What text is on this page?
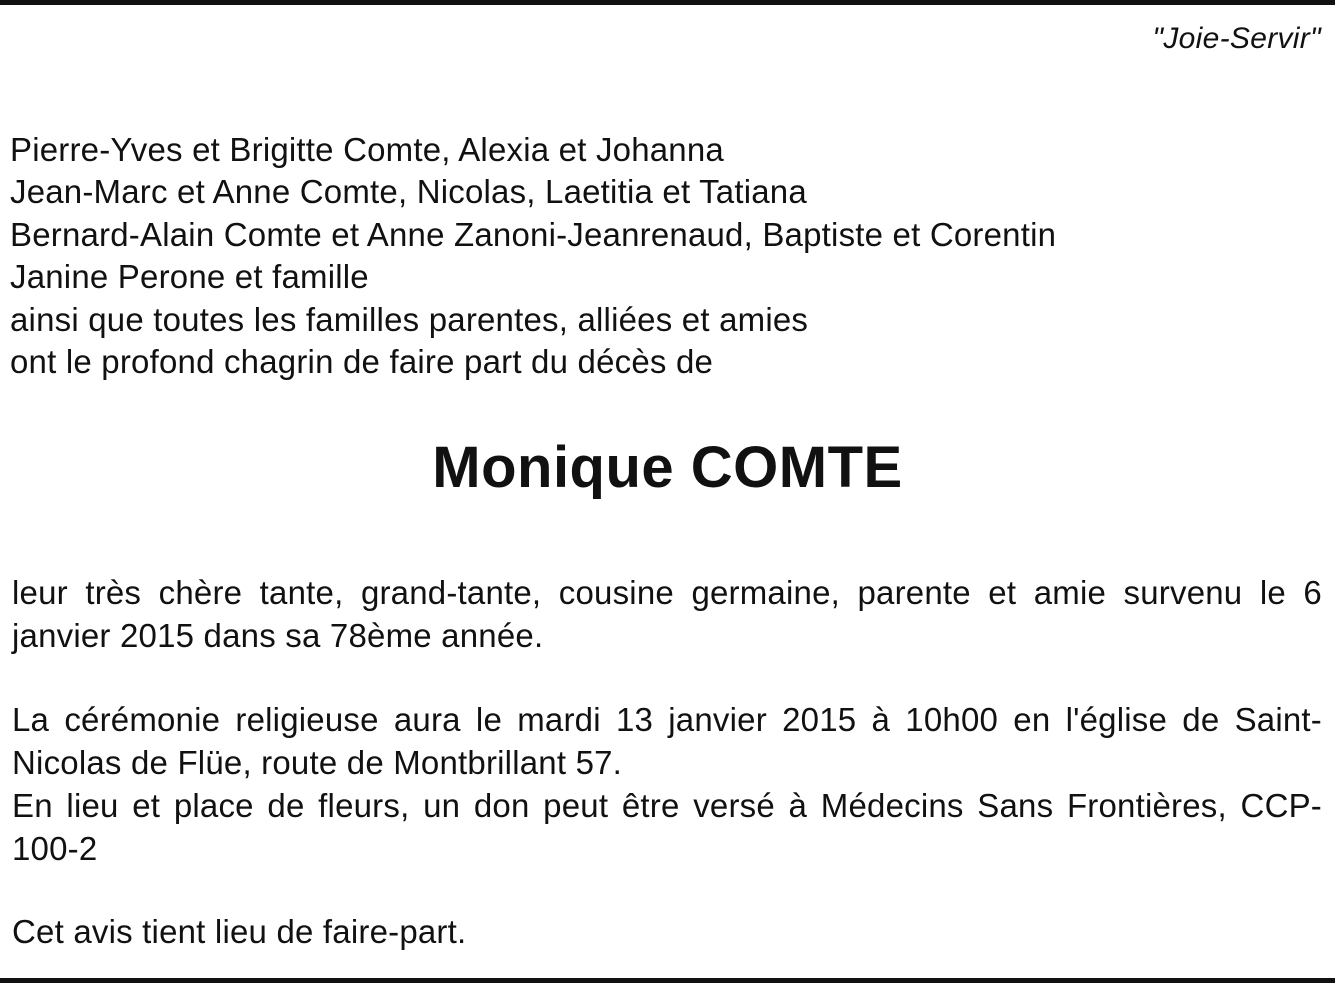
"Joie-Servir"
Pierre-Yves et Brigitte Comte, Alexia et Johanna
Jean-Marc et Anne Comte, Nicolas, Laetitia et Tatiana
Bernard-Alain Comte et Anne Zanoni-Jeanrenaud, Baptiste et Corentin
Janine Perone et famille
ainsi que toutes les familles parentes, alliées et amies
ont le profond chagrin de faire part du décès de
Monique COMTE
leur très chère tante, grand-tante, cousine germaine, parente et amie survenu le 6 janvier 2015 dans sa 78ème année.
La cérémonie religieuse aura le mardi 13 janvier 2015 à 10h00 en l'église de Saint-Nicolas de Flüe, route de Montbrillant 57.
En lieu et place de fleurs, un don peut être versé à Médecins Sans Frontières, CCP-100-2
Cet avis tient lieu de faire-part.
